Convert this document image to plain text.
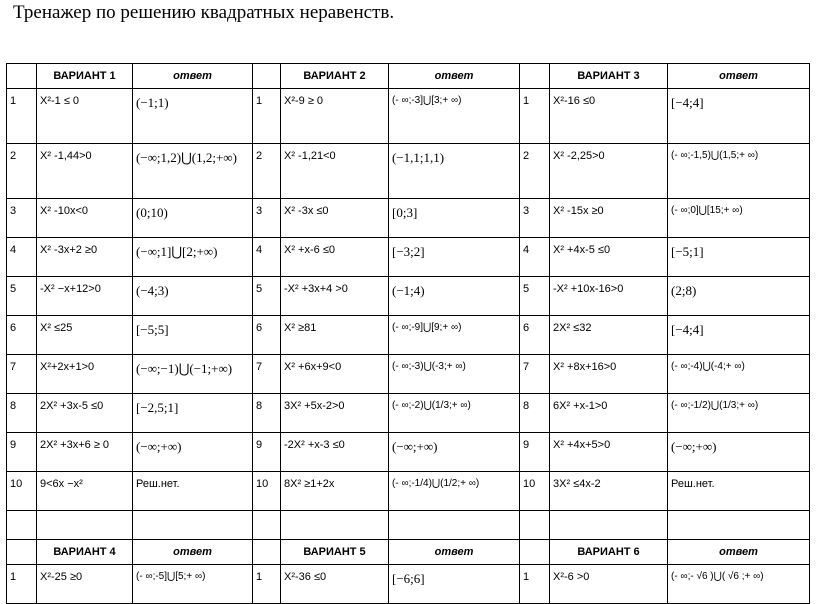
Тренажер по решению квадратных неравенств.
	ВАРИАНТ 1	ответ		ВАРИАНТ 2	ответ		ВАРИАНТ 3	ответ
1	X²-1 ≤ 0	(−1;1)	1	X²-9 ≥ 0	(- ∞;-3]⋃[3;+ ∞)	1	X²-16 ≤0	[−4;4]
2	X² -1,44>0	(−∞;1,2)⋃(1,2;+∞)	2	X² -1,21<0	(−1,1;1,1)	2	X² -2,25>0	(- ∞;-1,5)⋃(1,5;+ ∞)
3	X² -10x<0	(0;10)	3	X² -3x ≤0	[0;3]	3	X² -15x ≥0	(- ∞;0]⋃[15;+ ∞)
4	X² -3x+2 ≥0	(−∞;1]⋃[2;+∞)	4	X² +x-6 ≤0	[−3;2]	4	X² +4x-5 ≤0	[−5;1]
5	-X² −x+12>0	(−4;3)	5	-X² +3x+4 >0	(−1;4)	5	-X² +10x-16>0	(2;8)
6	X² ≤25	[−5;5]	6	X² ≥81	(- ∞;-9]⋃[9;+ ∞)	6	2X² ≤32	[−4;4]
7	X²+2x+1>0	(−∞;−1)⋃(−1;+∞)	7	X² +6x+9<0	(- ∞;-3)⋃(-3;+ ∞)	7	X² +8x+16>0	(- ∞;-4)⋃(-4;+ ∞)
8	2X² +3x-5 ≤0	[−2,5;1]	8	3X² +5x-2>0	(- ∞;-2)⋃(1/3;+ ∞)	8	6X² +x-1>0	(- ∞;-1/2)⋃(1/3;+ ∞)
9	2X² +3x+6 ≥ 0	(−∞;+∞)	9	-2X² +x-3 ≤0	(−∞;+∞)	9	X² +4x+5>0	(−∞;+∞)
10	9<6x −x²	Реш.нет.	10	8X² ≥1+2x	(- ∞;-1/4)⋃(1/2;+ ∞)	10	3X² ≤4x-2	Реш.нет.

	ВАРИАНТ 4	ответ		ВАРИАНТ 5	ответ		ВАРИАНТ 6	ответ
1	X²-25 ≥0	(- ∞;-5]⋃[5;+ ∞)	1	X²-36 ≤0	[−6;6]	1	X²-6 >0	(- ∞;- √6 )⋃( √6 ;+ ∞)
